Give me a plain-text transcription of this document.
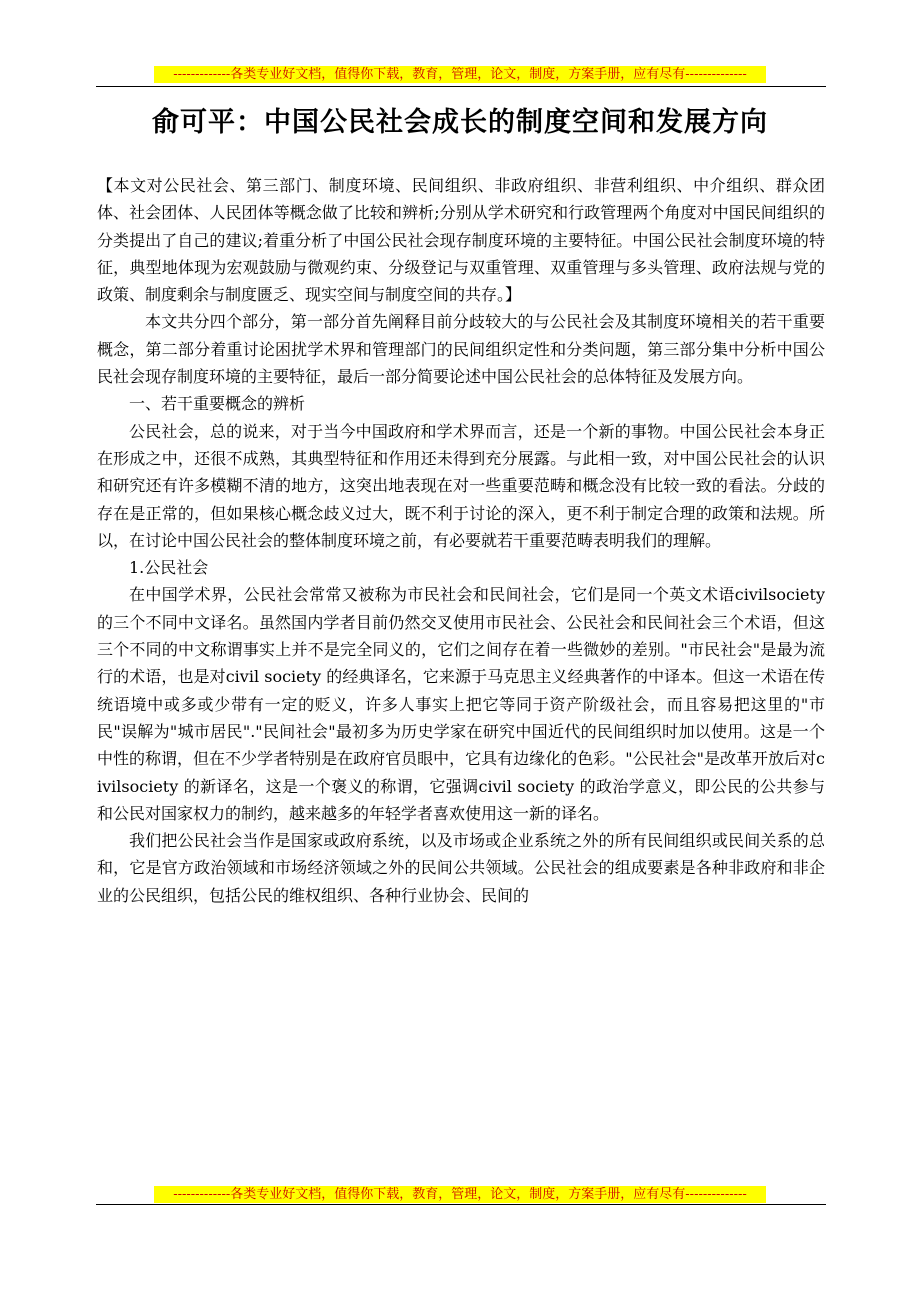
-------------各类专业好文档，值得你下载，教育，管理，论文，制度，方案手册，应有尽有--------------
俞可平：中国公民社会成长的制度空间和发展方向

【本文对公民社会、第三部门、制度环境、民间组织、非政府组织、非营利组织、中介组织、群众团体、社会团体、人民团体等概念做了比较和辨析;分别从学术研究和行政管理两个角度对中国民间组织的分类提出了自己的建议;着重分析了中国公民社会现存制度环境的主要特征。中国公民社会制度环境的特征，典型地体现为宏观鼓励与微观约束、分级登记与双重管理、双重管理与多头管理、政府法规与党的政策、制度剩余与制度匮乏、现实空间与制度空间的共存。】

本文共分四个部分，第一部分首先阐释目前分歧较大的与公民社会及其制度环境相关的若干重要概念，第二部分着重讨论困扰学术界和管理部门的民间组织定性和分类问题，第三部分集中分析中国公民社会现存制度环境的主要特征，最后一部分简要论述中国公民社会的总体特征及发展方向。

一、若干重要概念的辨析

公民社会，总的说来，对于当今中国政府和学术界而言，还是一个新的事物。中国公民社会本身正在形成之中，还很不成熟，其典型特征和作用还未得到充分展露。与此相一致，对中国公民社会的认识和研究还有许多模糊不清的地方，这突出地表现在对一些重要范畴和概念没有比较一致的看法。分歧的存在是正常的，但如果核心概念歧义过大，既不利于讨论的深入，更不利于制定合理的政策和法规。所以，在讨论中国公民社会的整体制度环境之前，有必要就若干重要范畴表明我们的理解。

1.公民社会

在中国学术界，公民社会常常又被称为市民社会和民间社会，它们是同一个英文术语civilsociety 的三个不同中文译名。虽然国内学者目前仍然交叉使用市民社会、公民社会和民间社会三个术语，但这三个不同的中文称谓事实上并不是完全同义的，它们之间存在着一些微妙的差别。"市民社会"是最为流行的术语，也是对civil society 的经典译名，它来源于马克思主义经典著作的中译本。但这一术语在传统语境中或多或少带有一定的贬义，许多人事实上把它等同于资产阶级社会，而且容易把这里的"市民"误解为"城市居民"."民间社会"最初多为历史学家在研究中国近代的民间组织时加以使用。这是一个中性的称谓，但在不少学者特别是在政府官员眼中，它具有边缘化的色彩。"公民社会"是改革开放后对civilsociety 的新译名，这是一个褒义的称谓，它强调civil society 的政治学意义，即公民的公共参与和公民对国家权力的制约，越来越多的年轻学者喜欢使用这一新的译名。

我们把公民社会当作是国家或政府系统，以及市场或企业系统之外的所有民间组织或民间关系的总和，它是官方政治领域和市场经济领域之外的民间公共领域。公民社会的组成要素是各种非政府和非企业的公民组织，包括公民的维权组织、各种行业协会、民间的

-------------各类专业好文档，值得你下载，教育，管理，论文，制度，方案手册，应有尽有--------------
